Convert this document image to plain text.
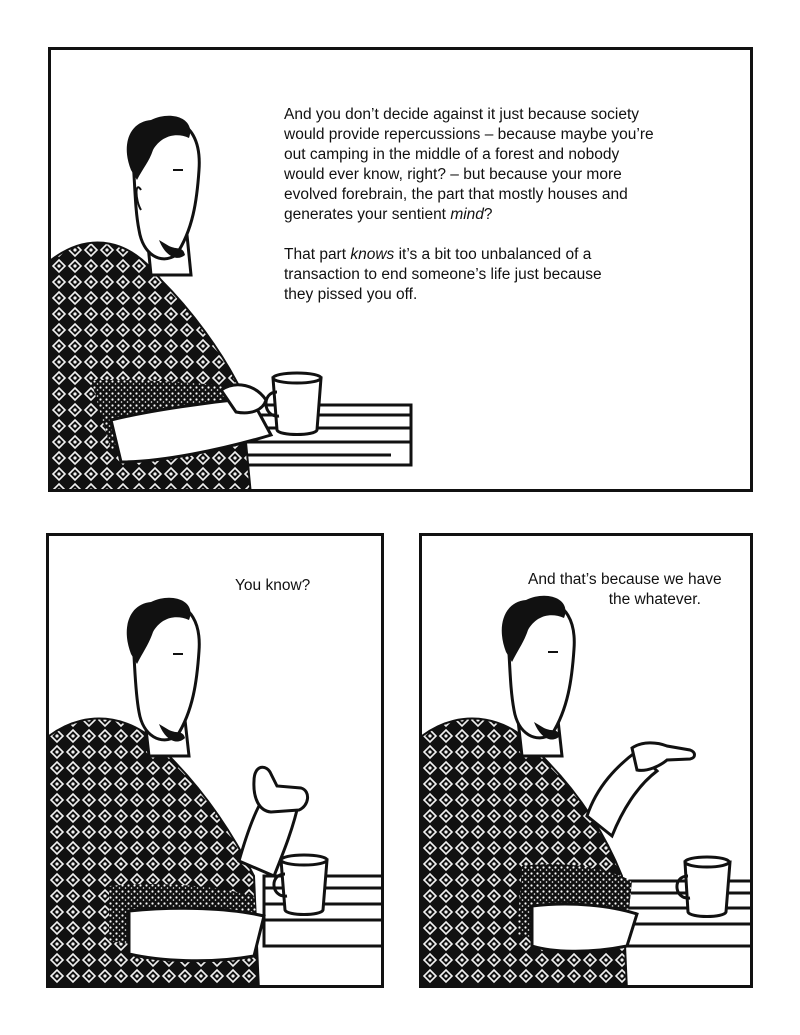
And you don’t decide against it just because society
would provide repercussions – because maybe you’re
out camping in the middle of a forest and nobody
would ever know, right? – but because your more
evolved forebrain, the part that mostly houses and
generates your sentient mind?

That part knows it’s a bit too unbalanced of a
transaction to end someone’s life just because
they pissed you off.

You know?	And that’s because we have
the whatever.
